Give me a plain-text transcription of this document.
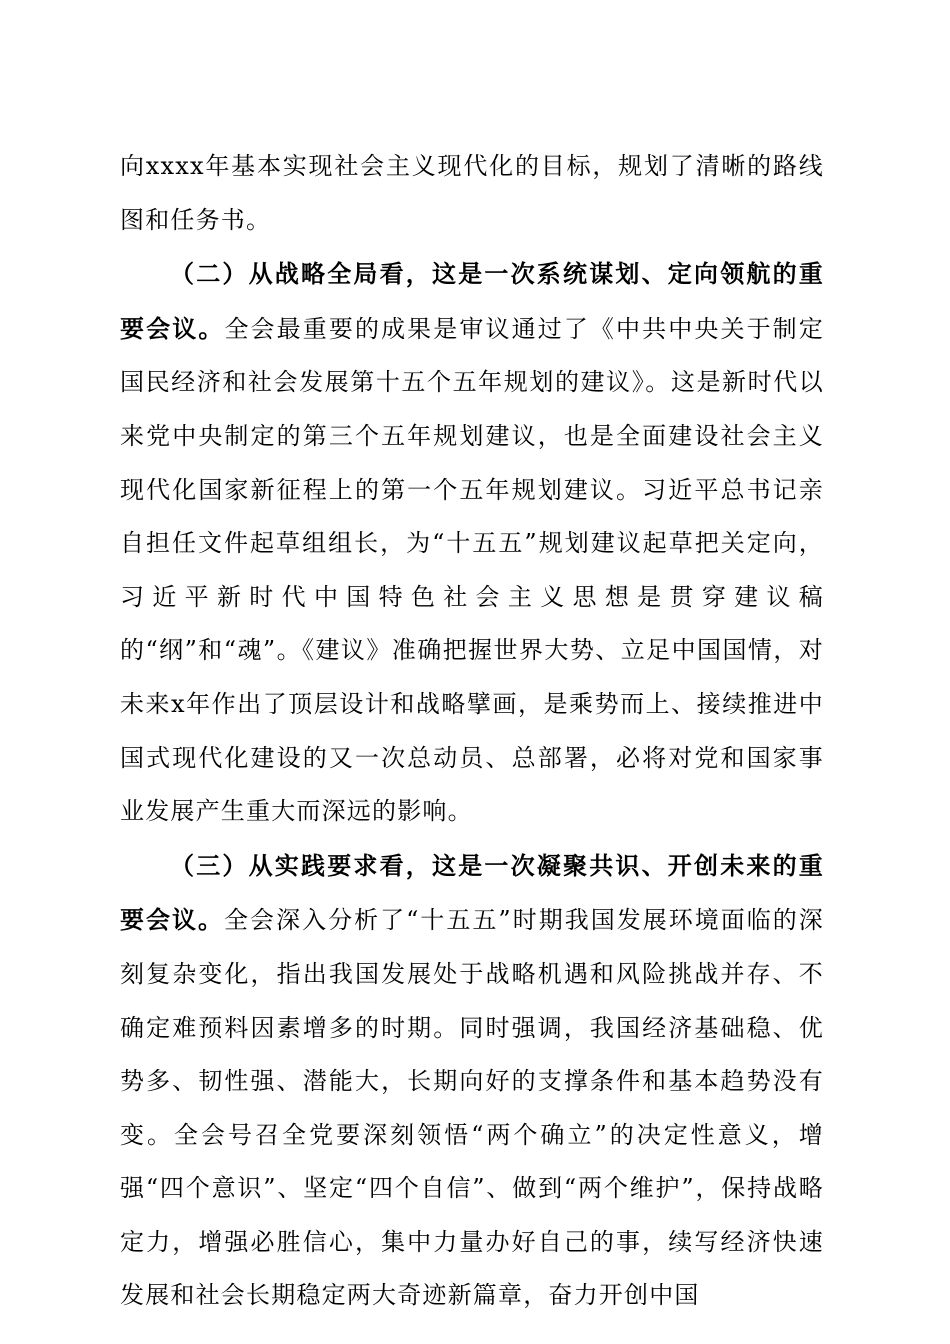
向xxxx年基本实现社会主义现代化的目标，规划了清晰的路线图和任务书。

（二）从战略全局看，这是一次系统谋划、定向领航的重要会议。全会最重要的成果是审议通过了《中共中央关于制定国民经济和社会发展第十五个五年规划的建议》。这是新时代以来党中央制定的第三个五年规划建议，也是全面建设社会主义现代化国家新征程上的第一个五年规划建议。习近平总书记亲自担任文件起草组组长，为“十五五”规划建议起草把关定向，习近平新时代中国特色社会主义思想是贯穿建议稿的“纲”和“魂”。《建议》准确把握世界大势、立足中国国情，对未来x年作出了顶层设计和战略擘画，是乘势而上、接续推进中国式现代化建设的又一次总动员、总部署，必将对党和国家事业发展产生重大而深远的影响。

（三）从实践要求看，这是一次凝聚共识、开创未来的重要会议。全会深入分析了“十五五”时期我国发展环境面临的深刻复杂变化，指出我国发展处于战略机遇和风险挑战并存、不确定难预料因素增多的时期。同时强调，我国经济基础稳、优势多、韧性强、潜能大，长期向好的支撑条件和基本趋势没有变。全会号召全党要深刻领悟“两个确立”的决定性意义，增强“四个意识”、坚定“四个自信”、做到“两个维护”，保持战略定力，增强必胜信心，集中力量办好自己的事，续写经济快速发展和社会长期稳定两大奇迹新篇章，奋力开创中国
